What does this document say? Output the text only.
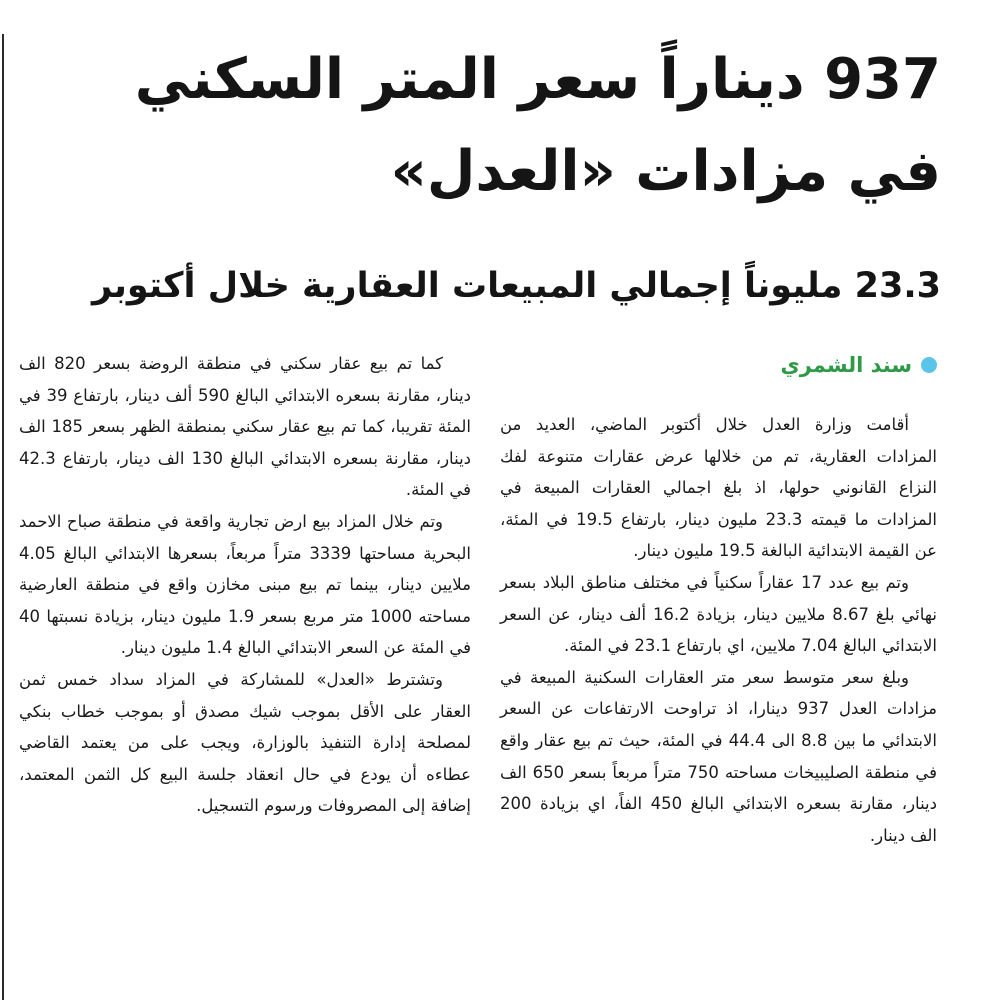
937 ديناراً سعر المتر السكني
في مزادات «العدل»
23.3 مليوناً إجمالي المبيعات العقارية خلال أكتوبر
سند الشمري

أقامت وزارة العدل خلال أكتوبر الماضي، العديد من المزادات العقارية، تم من خلالها عرض عقارات متنوعة لفك النزاع القانوني حولها، اذ بلغ اجمالي العقارات المبيعة في المزادات ما قيمته 23.3 مليون دينار، بارتفاع 19.5 في المئة، عن القيمة الابتدائية البالغة 19.5 مليون دينار.

وتم بيع عدد 17 عقاراً سكنياً في مختلف مناطق البلاد بسعر نهائي بلغ 8.67 ملايين دينار، بزيادة 16.2 ألف دينار، عن السعر الابتدائي البالغ 7.04 ملايين، اي بارتفاع 23.1 في المئة.

وبلغ سعر متوسط سعر متر العقارات السكنية المبيعة في مزادات العدل 937 دينارا، اذ تراوحت الارتفاعات عن السعر الابتدائي ما بين 8.8 الى 44.4 في المئة، حيث تم بيع عقار واقع في منطقة الصليبيخات مساحته 750 متراً مربعاً بسعر 650 الف دينار، مقارنة بسعره الابتدائي البالغ 450 الفاً، اي بزيادة 200 الف دينار.

كما تم بيع عقار سكني في منطقة الروضة بسعر 820 الف دينار، مقارنة بسعره الابتدائي البالغ 590 ألف دينار، بارتفاع 39 في المئة تقريبا، كما تم بيع عقار سكني بمنطقة الظهر بسعر 185 الف دينار، مقارنة بسعره الابتدائي البالغ 130 الف دينار، بارتفاع 42.3 في المئة.

وتم خلال المزاد بيع ارض تجارية واقعة في منطقة صباح الاحمد البحرية مساحتها 3339 متراً مربعاً، بسعرها الابتدائي البالغ 4.05 ملايين دينار، بينما تم بيع مبنى مخازن واقع في منطقة العارضية مساحته 1000 متر مربع بسعر 1.9 مليون دينار، بزيادة نسبتها 40 في المئة عن السعر الابتدائي البالغ 1.4 مليون دينار.

وتشترط «العدل» للمشاركة في المزاد سداد خمس ثمن العقار على الأقل بموجب شيك مصدق أو بموجب خطاب بنكي لمصلحة إدارة التنفيذ بالوزارة، ويجب على من يعتمد القاضي عطاءه أن يودع في حال انعقاد جلسة البيع كل الثمن المعتمد، إضافة إلى المصروفات ورسوم التسجيل.
